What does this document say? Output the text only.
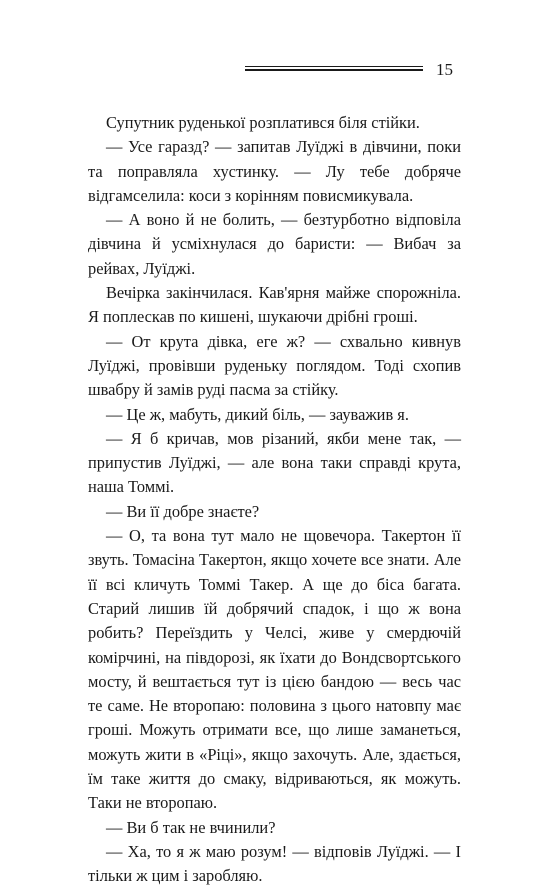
15

Супутник руденької розплатився біля стійки.

— Усе гаразд? — запитав Луїджі в дівчини, поки та поправляла хустинку. — Лу тебе добряче відгамселила: коси з корінням повисмикувала.

— А воно й не болить, — безтурботно відповіла дівчина й усміхнулася до баристи: — Вибач за рейвах, Луїджі.

Вечірка закінчилася. Кав'ярня майже спорожніла. Я поплескав по кишені, шукаючи дрібні гроші.

— От крута дівка, еге ж? — схвально кивнув Луїджі, провівши руденьку поглядом. Тоді схопив швабру й замів руді пасма за стійку.

— Це ж, мабуть, дикий біль, — зауважив я.

— Я б кричав, мов різаний, якби мене так, — припустив Луїджі, — але вона таки справді крута, наша Томмі.

— Ви її добре знаєте?

— О, та вона тут мало не щовечора. Такертон її звуть. Томасіна Такертон, якщо хочете все знати. Але її всі кличуть Томмі Такер. А ще до біса багата. Старий лишив їй добрячий спадок, і що ж вона робить? Переїздить у Челсі, живе у смердючій комірчині, на півдорозі, як їхати до Вондсвортського мосту, й вештається тут із цією бандою — весь час те саме. Не второпаю: половина з цього натовпу має гроші. Можуть отримати все, що лише заманеться, можуть жити в «Ріці», якщо захочуть. Але, здається, їм таке життя до смаку, відриваються, як можуть. Таки не второпаю.

— Ви б так не вчинили?

— Ха, то я ж маю розум! — відповів Луїджі. — І тільки ж цим і заробляю.
